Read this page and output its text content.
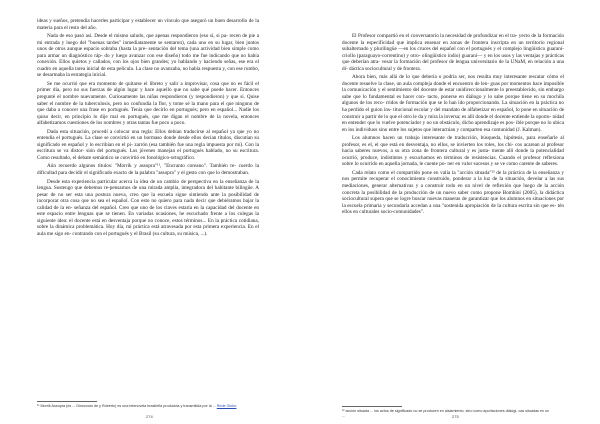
ideas y sueños, pretendía hacerles participar y establecer un vínculo que aseguró un buen desarrollo de la materia para el resto del año.

Nada de eso pasó así. Desde el mismo saludo, que apenas respondieron (eso sí, si pa- recen de pie a mi entrada y luego del "buenas tardes" inmediatamente se sentaron), cada uno en su lugar, bien juntos unos de otros aunque espacio sobraba (hasta la pre- sentación del tema (una actividad bien simple como para armar un diagnóstico ráp- do y luego avanzar con ese diseño) todo me fue indicando que no había conexión. Ellos quietos y callados, con los ojos bien grandes; yo hablando y haciendo señas, ese era el cuadro en aquella tarea inicial de esta película. La clase no avanzaba, no había respuesta y, con ese rumbo, se desarmaba la estrategia inicial.

Se me ocurrió que era momento de quitarse el libreto y salir a improvisar, cosa que no es fácil el primer día, pero no sus fuerzas de algún lugar y hace aquello que no sabe qué puede hacer. Entonces pregunté el nombre nuevamente. Curiosamente las niñas respondieron (y respondieron) y que si. Quise saber el nombre de la tuberculosis, pero no confundía la flor, y tome sé la mano para el que ninguno de que daba a conocer una frase en portugués. Tenía que decirlo en portugués; pero en español... Nadie los quiso decir, en principio lo dije mal en portugués, que me digan el nombre de la novela, entonces alfabetizamos cuestiones de los nombres y otras tantas fue poco a poco.

Dada esta situación, procedí a colocar una regla: Ellos debían traducirse al español ya que yo no entendía el portugués. La clase se convirtió en un bormaso donde desde ellos decían títulos, discutían su significado en español y lo escribían en el pi- zarrón (esa también fue una regla impuesta por mí). Con la escritura se va distor- sión del portugués. Los jóvenes manejan el portugués hablado, no su escritura. Como resultado, el debate semántico se convirtió en fonológico-ortográfico.

Aún recuerdo algunos títulos: "Morrik y assopra"¹¹, "Encranto coreano". También re- cuerdo la dificultad para decidir el significado exacto de la palabra "assopra" y el gesto con que lo demostraban.

Desde esta experiencia particular acerca la idea de un cambio de perspectiva en la enseñanza de la lengua. Sostengo que debemos re-pensarnos de una mirada amplia, integradora del habitante bilingüe. A pesar de no ser esta una postura nueva, creo que la escuela sigue sintiendo ante la posibilidad de incorporar otra cosa que no sea el español. Con esto no quiero para nada decir que debiéramos bajar la calidad de la en- señanza del español. Creo que uno de los claves estaría en la capacidad del docente en este espacio entre lenguas que se tienen. En variadas ocasiones, he escuchado frente a los colegas la siguiente idea: el docente está en desventaja porque no conoce, estos términos... En la práctica cotidiana, sobre la dinámica problemática. Hoy día, mi práctica está atravesada por esta primera experiencia. En el aula me sigo en- contrando con el portugués y el Brasil (su cultura, su música, ...).

¹¹ Morrik Assopra (es ... Dinocours de y Roberto) es una telenovela brasileña producida y transmitida por la ... Rede Globo
274

El Profesor compartió en el conversatorio la necesidad de profundizar en el tra- yecto de la formación docente la especificidad que implica ensenar en zonas de frontera inscripta en un territorio regional subalternado y plurilingüe —en los cruces del español con el portugués y el complejo lingüístico guaraní-criollo (paraguayo-correntino) y otro- olingüístico indio) guaraní— y en los usos y las ventajas y prácticas que deberían atra- vesar la formación del profesor de lengua universitario de la UNaM, en relación a una di- dáctica sociocultural y de frontera.

Ahora bien, más allá de lo que debería o podría ser, nos resulta muy interesante rescatar cómo el docente resuelve la clase, un aula compleja donde el encuentro de len- guas por momentos hace imposible la comunicación y el sentimiento del docente de estar unidireccionalmente lo preestablecido, sin embargo sabe que lo fundamental es hacer con- tacto, ponerse en diálogo y lo sabe porque tiene en su mochila algunos de los reco- rridos de formación que se lo han ido proporcionando. La situación en la práctica no ha perdido el guion ins- titucional escolar y del mandato de alfabetizar en español, lo pone en situación de construir a partir de lo que el otro le da y mira la inversa; es allí donde el docente entiende la oportu- nidad en entender que lo vuelve potenciador y no un obstáculo, dicho aprendizaje es pos- ible porque no lo ubica en los individuos sino entre los sujetos que interactúan y comparten esa comunidad (J. Kalman).

Los alumnos hacen un trabajo interesante de traducción, búsqueda, hipótesis, para enseñarle al profesor, es el, el que está en desventaja, no ellos, se invierten los roles, los chi- cos acarean al profesor hacia saberes nuevos, a su otra zona de frontera cultural y es justa- mente allí donde la potencialidad ocurrió, produce, indistintos y escuchamos en términos de resistencias. Cuando el profesor reflexiona sobre lo ocurrido en aquella jornada, le cuente po- ner en valor sucesos y se ve como carente de saberes.

Cada relato como el compartido pone en valía la "acción situada"¹² de la práctica de la enseñanza y nos permite recuperar el conocimiento construido, ponderar a la luz de la situación, develar a las sus mediaciones, generar alternativas y a construir todo en un nivel de reflexión que luego de la acción concreta la posibilidad de la producción de un nuevo saber como propone Bombini (2005), la didáctica sociocultural supera que se logre buscar nuevas maneras de garantizar que los alumnos en situaciones por la escuela primaria y secundaria accedan a una "sostenida apropiación de la cultura escrita sin que es- tén ellos en culturales socio-comunidades".

¹² acción situada ... los actos de significado no se producen en aislamiento, sino como aportaciones dialógi- cas situadas en un ...	275
